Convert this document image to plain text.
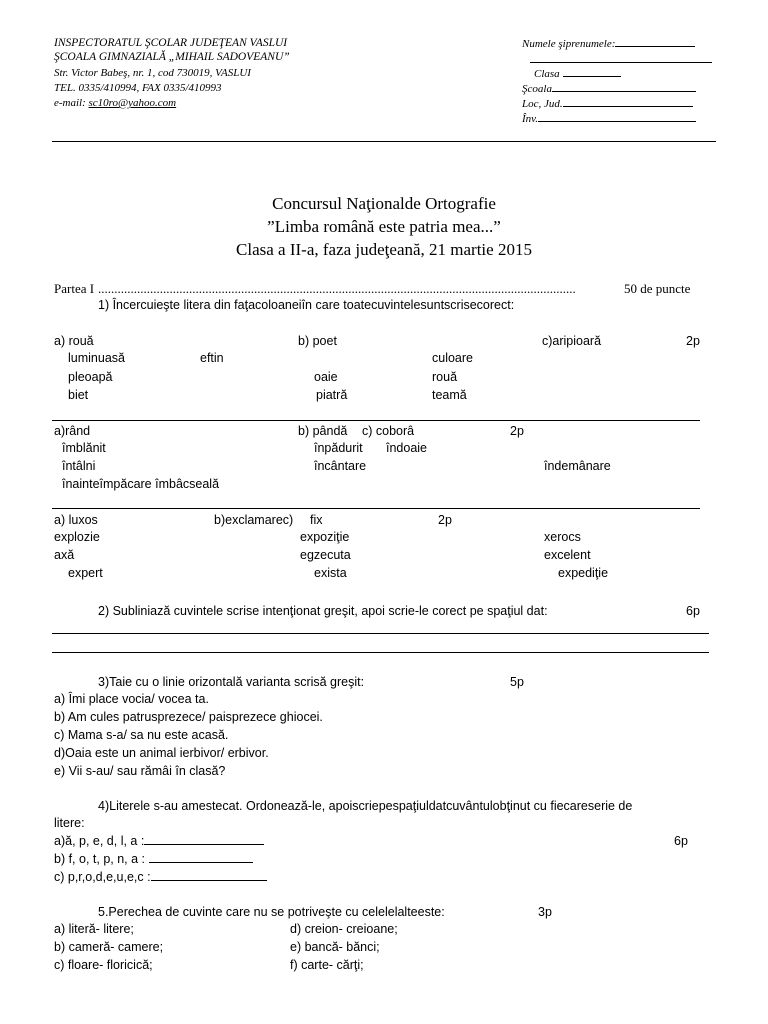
INSPECTORATUL ŞCOLAR JUDEŢEAN VASLUI
ŞCOALA GIMNAZIALĂ „MIHAIL SADOVEANU”
Str. Victor Babeş, nr. 1, cod 730019, VASLUI
TEL. 0335/410994, FAX 0335/410993
e-mail: sc10ro@yahoo.com
Numele şiprenumele:
Clasa
Şcoala
Loc, Jud.
Înv.
Concursul Naţionalde Ortografie
”Limba română este patria mea...”
Clasa a II-a, faza judeţeană, 21 martie 2015
Partea I ...................................................................................................................................................	50 de puncte
1) Încercuieşte litera din faţacoloaneiîn care toatecuvintelesuntscrisecorect:
a) rouă	b) poet	c)aripioară	2p
luminuasă	eftin	culoare
pleoapă	oaie	rouă
biet	piatră	teamă
a)rând	b) pândă c) coborâ	2p
îmblănit	înpădurit îndoaie
întâlni	încântare	îndemânare
înainteîmpăcare îmbâcseală
a) luxos	b)exclamarec) fix	2p
explozie	expoziţie	xerocs
axă	egzecuta	excelent
expert	exista	expediţie
2) Subliniază cuvintele scrise intenţionat greşit, apoi scrie-le corect pe spaţiul dat:	6p
3)Taie cu o linie orizontală varianta scrisă greşit:	5p
a) Îmi place vocia/ vocea ta.
b) Am cules patrusprezece/ paisprezece ghiocei.
c) Mama s-a/ sa nu este acasă.
d)Oaia este un animal ierbivor/ erbivor.
e) Vii s-au/ sau rămâi în clasă?
4)Literele s-au amestecat. Ordonează-le, apoiscriepespaţiuldatcuvântulobţinut cu fiecareserie de
litere:
a)ă, p, e, d, l, a :	6p
b) f, o, t, p, n, a :
c) p,r,o,d,e,u,e,c :
5.Perechea de cuvinte care nu se potriveşte cu celelelalteeste:	3p
a) literă- litere;
b) cameră- camere;
c) floare- floricică;
d) creion- creioane;
e) bancă- bănci;
f) carte- cărţi;
